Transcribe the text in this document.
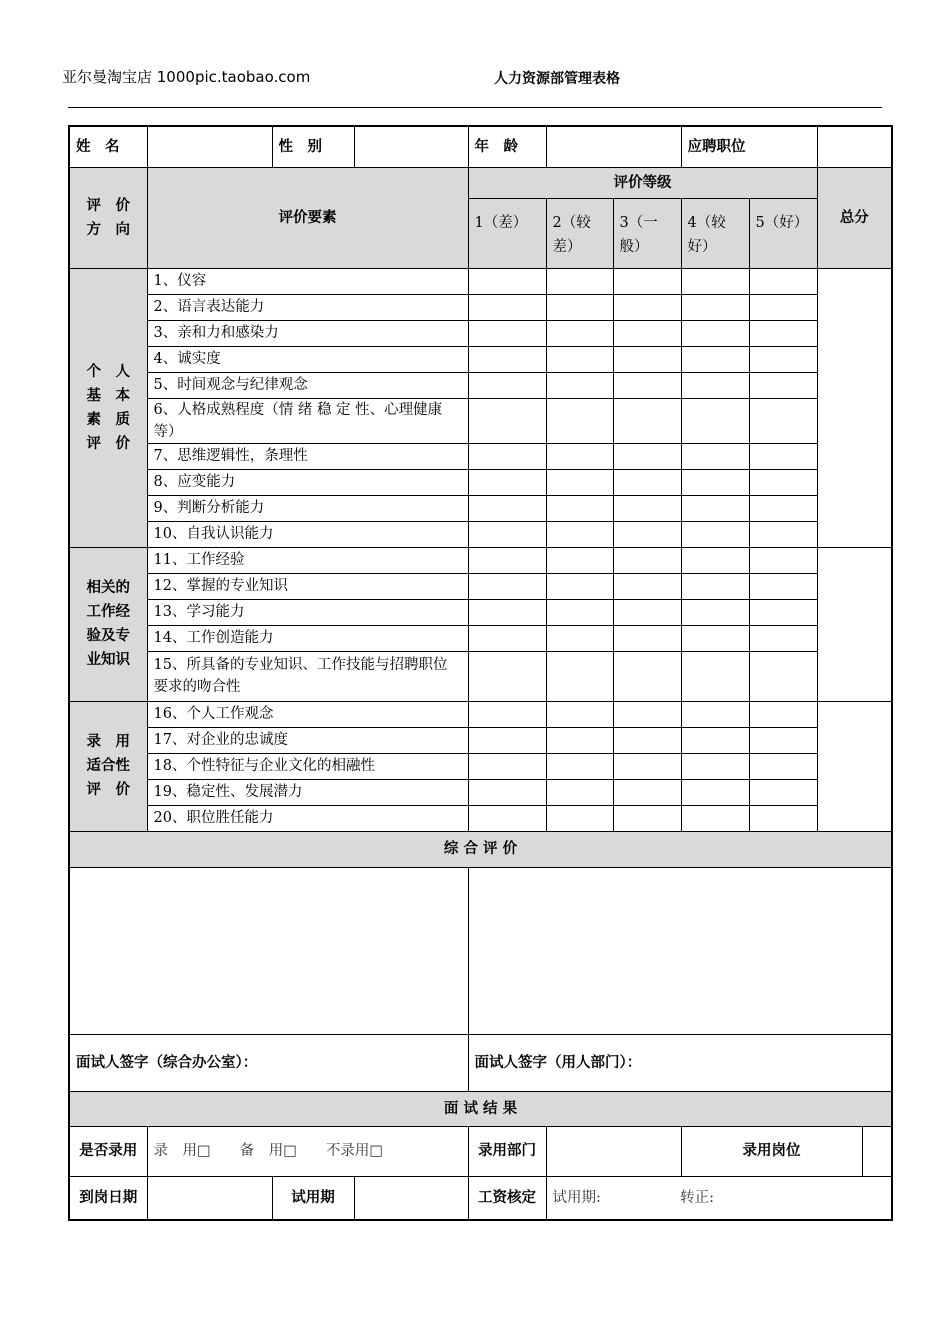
亚尔曼淘宝店 1000pic.taobao.com	人力资源部管理表格
姓　名		性　别		年　龄			应聘职位			

评　价
方　向	评价要素			评价等级					总分	
				1（差）	2（较差）	3（一般）	4（较好）	5（好）		

个　人
基　本
素　质
评　价	1、仪容									
	2、语言表达能力									
	3、亲和力和感染力									
	4、诚实度									
	5、时间观念与纪律观念									
	6、人格成熟程度（情 绪 稳 定 性、心理健康等）									
	7、思维逻辑性，条理性									
	8、应变能力									
	9、判断分析能力									
	10、自我认识能力									

相关的
工作经
验及专
业知识	11、工作经验									
	12、掌握的专业知识									
	13、学习能力									
	14、工作创造能力									
	15、所具备的专业知识、工作技能与招聘职位要求的吻合性									

录　用
适合性
评　价	16、个人工作观念									
	17、对企业的忠诚度									
	18、个性特征与企业文化的相融性									
	19、稳定性、发展潜力									
	20、职位胜任能力									
综 合 评 价										

面试人签字（综合办公室）：				面试人签字（用人部门）：						
面 试 结 果										
是否录用	录　用□　　备　用□　　不录用□			录用部门			录用岗位			
到岗日期		试用期		工资核定	试用期: 转正:					
